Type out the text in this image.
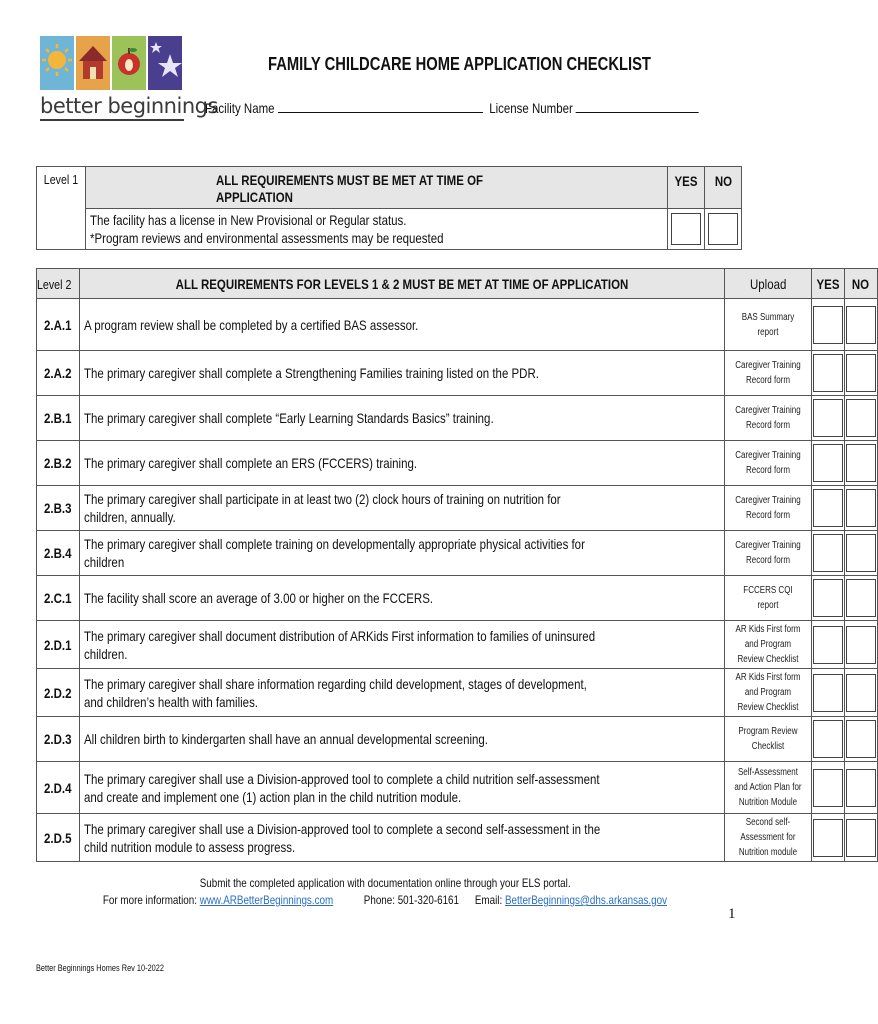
better beginnings
FAMILY CHILDCARE HOME APPLICATION CHECKLIST
Facility Name	License Number
Level 1	ALL REQUIREMENTS MUST BE MET AT TIME OF APPLICATION	YES	NO
	The facility has a license in New Provisional or Regular status.
*Program reviews and environmental assessments may be requested	

Level 2	ALL REQUIREMENTS FOR LEVELS 1 & 2 MUST BE MET AT TIME OF APPLICATION	Upload	YES	NO
2.A.1	A program review shall be completed by a certified BAS assessor.	BAS Summary
report		

2.A.2	The primary caregiver shall complete a Strengthening Families training listed on the PDR.	Caregiver Training
Record form		

2.B.1	The primary caregiver shall complete “Early Learning Standards Basics” training.	Caregiver Training
Record form		

2.B.2	The primary caregiver shall complete an ERS (FCCERS) training.	Caregiver Training
Record form		

2.B.3	The primary caregiver shall participate in at least two (2) clock hours of training on nutrition for children, annually.	Caregiver Training
Record form		

2.B.4	The primary caregiver shall complete training on developmentally appropriate physical activities for children	Caregiver Training
Record form		

2.C.1	The facility shall score an average of 3.00 or higher on the FCCERS.	FCCERS CQI
report		

2.D.1	The primary caregiver shall document distribution of ARKids First information to families of uninsured children.	AR Kids First form
and Program
Review Checklist		

2.D.2	The primary caregiver shall share information regarding child development, stages of development, and children’s health with families.	AR Kids First form
and Program
Review Checklist		

2.D.3	All children birth to kindergarten shall have an annual developmental screening.	Program Review
Checklist		

2.D.4	The primary caregiver shall use a Division-approved tool to complete a child nutrition self-assessment and create and implement one (1) action plan in the child nutrition module.	Self-Assessment
and Action Plan for
Nutrition Module		

2.D.5	The primary caregiver shall use a Division-approved tool to complete a second self-assessment in the child nutrition module to assess progress.	Second self-
Assessment for
Nutrition module		

Submit the completed application with documentation online through your ELS portal.
For more information: www.ARBetterBeginnings.com	Phone: 501-320-6161 Email: BetterBeginnings@dhs.arkansas.gov
1
Better Beginnings Homes Rev 10-2022
